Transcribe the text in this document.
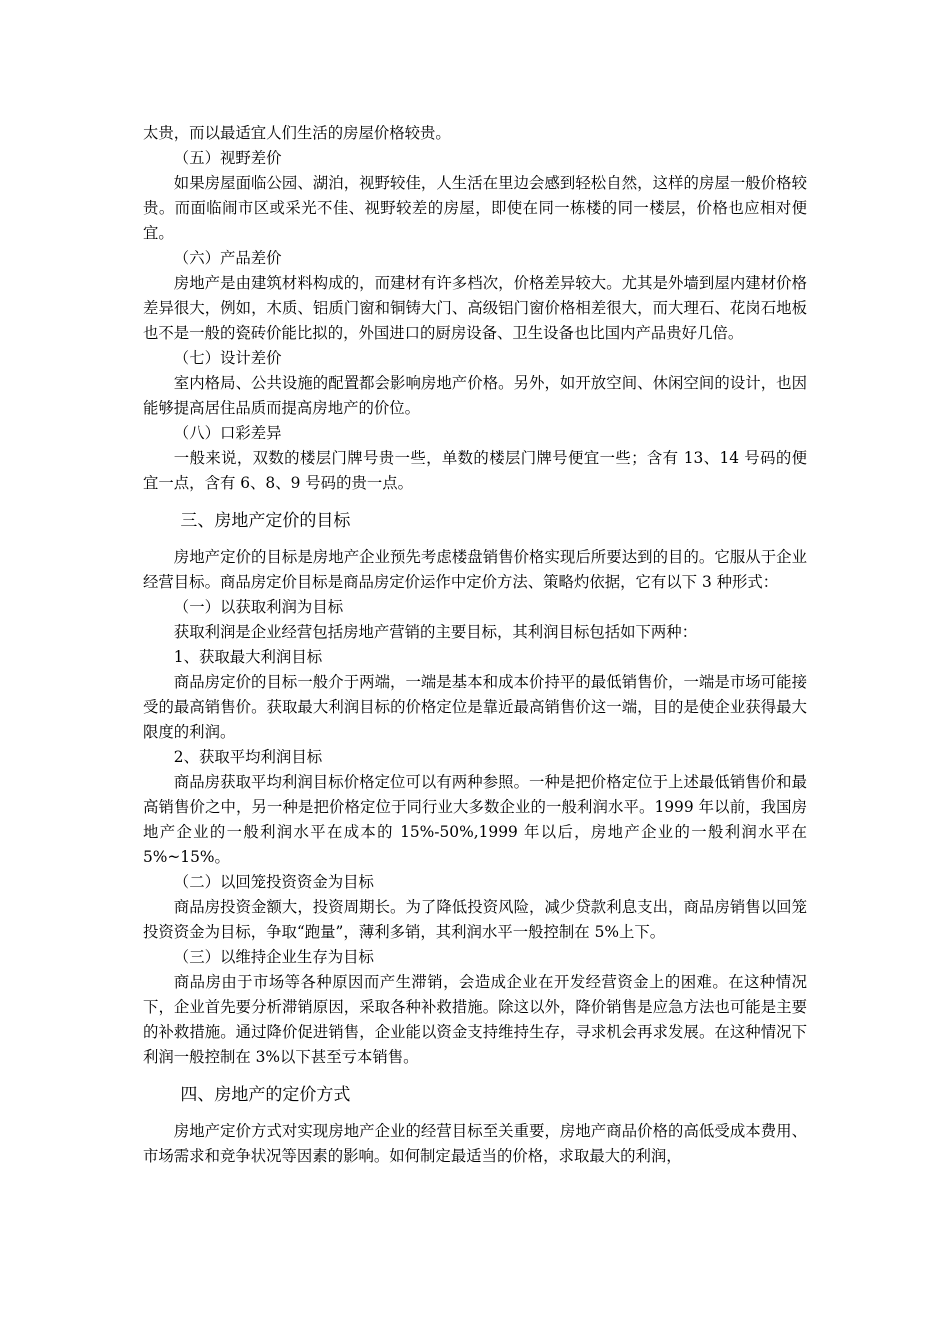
太贵，而以最适宜人们生活的房屋价格较贵。

（五）视野差价

如果房屋面临公园、湖泊，视野较佳，人生活在里边会感到轻松自然，这样的房屋一般价格较贵。而面临闹市区或采光不佳、视野较差的房屋，即使在同一栋楼的同一楼层，价格也应相对便宜。

（六）产品差价

房地产是由建筑材料构成的，而建材有许多档次，价格差异较大。尤其是外墙到屋内建材价格差异很大，例如，木质、铝质门窗和铜铸大门、高级铝门窗价格相差很大，而大理石、花岗石地板也不是一般的瓷砖价能比拟的，外国进口的厨房设备、卫生设备也比国内产品贵好几倍。

（七）设计差价

室内格局、公共设施的配置都会影响房地产价格。另外，如开放空间、休闲空间的设计，也因能够提高居住品质而提高房地产的价位。

（八）口彩差异

一般来说，双数的楼层门牌号贵一些，单数的楼层门牌号便宜一些；含有 13、14 号码的便宜一点，含有 6、8、9 号码的贵一点。

三、房地产定价的目标

房地产定价的目标是房地产企业预先考虑楼盘销售价格实现后所要达到的目的。它服从于企业经营目标。商品房定价目标是商品房定价运作中定价方法、策略灼依据，它有以下 3 种形式：

（一）以获取利润为目标

获取利润是企业经营包括房地产营销的主要目标，其利润目标包括如下两种：

1、获取最大利润目标

商品房定价的目标一般介于两端，一端是基本和成本价持平的最低销售价，一端是市场可能接受的最高销售价。获取最大利润目标的价格定位是靠近最高销售价这一端，目的是使企业获得最大限度的利润。

2、获取平均利润目标

商品房获取平均利润目标价格定位可以有两种参照。一种是把价格定位于上述最低销售价和最高销售价之中，另一种是把价格定位于同行业大多数企业的一般利润水平。1999 年以前，我国房地产企业的一般利润水平在成本的 15%-50%,1999 年以后，房地产企业的一般利润水平在 5%~15%。

（二）以回笼投资资金为目标

商品房投资金额大，投资周期长。为了降低投资风险，减少贷款利息支出，商品房销售以回笼投资资金为目标，争取“跑量”，薄利多销，其利润水平一般控制在 5%上下。

（三）以维持企业生存为目标

商品房由于市场等各种原因而产生滞销，会造成企业在开发经营资金上的困难。在这种情况下，企业首先要分析滞销原因，采取各种补救措施。除这以外，降价销售是应急方法也可能是主要的补救措施。通过降价促进销售，企业能以资金支持维持生存，寻求机会再求发展。在这种情况下利润一般控制在 3%以下甚至亏本销售。

四、房地产的定价方式

房地产定价方式对实现房地产企业的经营目标至关重要，房地产商品价格的高低受成本费用、市场需求和竞争状况等因素的影响。如何制定最适当的价格，求取最大的利润，
